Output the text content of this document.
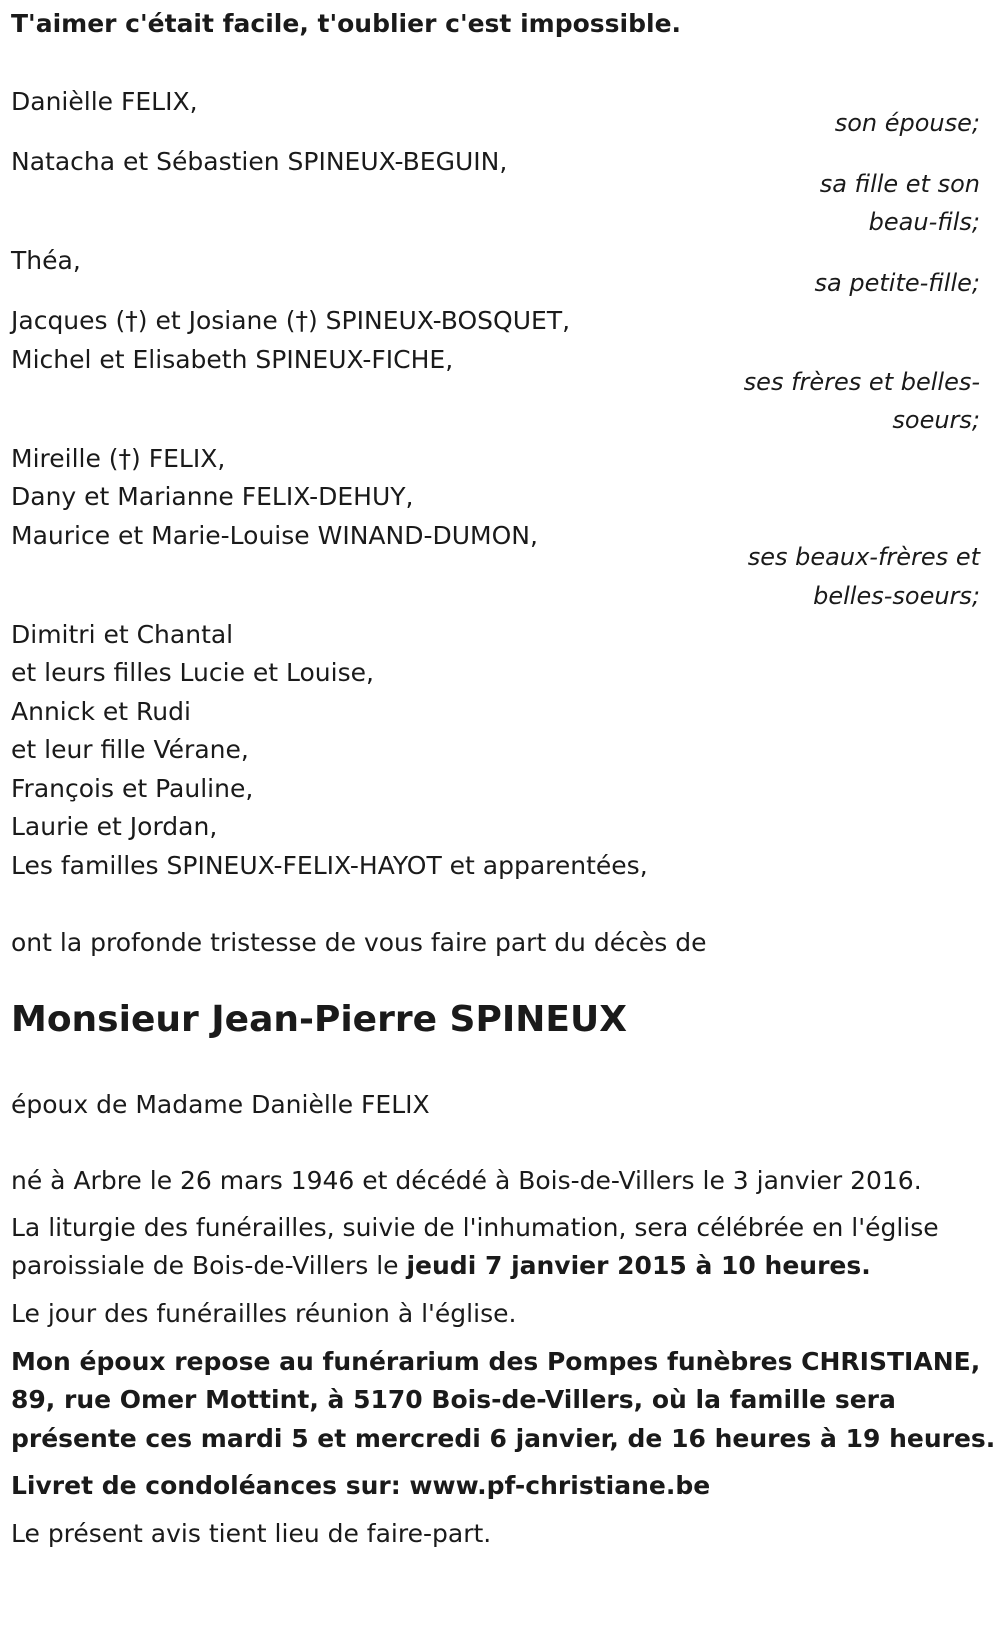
T'aimer c'était facile, t'oublier c'est impossible.
Danièlle FELIX,
son épouse;
Natacha et Sébastien SPINEUX-BEGUIN,
sa fille et son
beau-fils;
Théa,
sa petite-fille;
Jacques (†) et Josiane (†) SPINEUX-BOSQUET,
Michel et Elisabeth SPINEUX-FICHE,
ses frères et belles-
soeurs;
Mireille (†) FELIX,
Dany et Marianne FELIX-DEHUY,
Maurice et Marie-Louise WINAND-DUMON,
ses beaux-frères et
belles-soeurs;
Dimitri et Chantal
et leurs filles Lucie et Louise,
Annick et Rudi
et leur fille Vérane,
François et Pauline,
Laurie et Jordan,
Les familles SPINEUX-FELIX-HAYOT et apparentées,
ont la profonde tristesse de vous faire part du décès de
Monsieur Jean-Pierre SPINEUX
époux de Madame Danièlle FELIX
né à Arbre le 26 mars 1946 et décédé à Bois-de-Villers le 3 janvier 2016.
La liturgie des funérailles, suivie de l'inhumation, sera célébrée en l'église
paroissiale de Bois-de-Villers le jeudi 7 janvier 2015 à 10 heures.
Le jour des funérailles réunion à l'église.
Mon époux repose au funérarium des Pompes funèbres CHRISTIANE,
89, rue Omer Mottint, à 5170 Bois-de-Villers, où la famille sera
présente ces mardi 5 et mercredi 6 janvier, de 16 heures à 19 heures.
Livret de condoléances sur: www.pf-christiane.be
Le présent avis tient lieu de faire-part.
